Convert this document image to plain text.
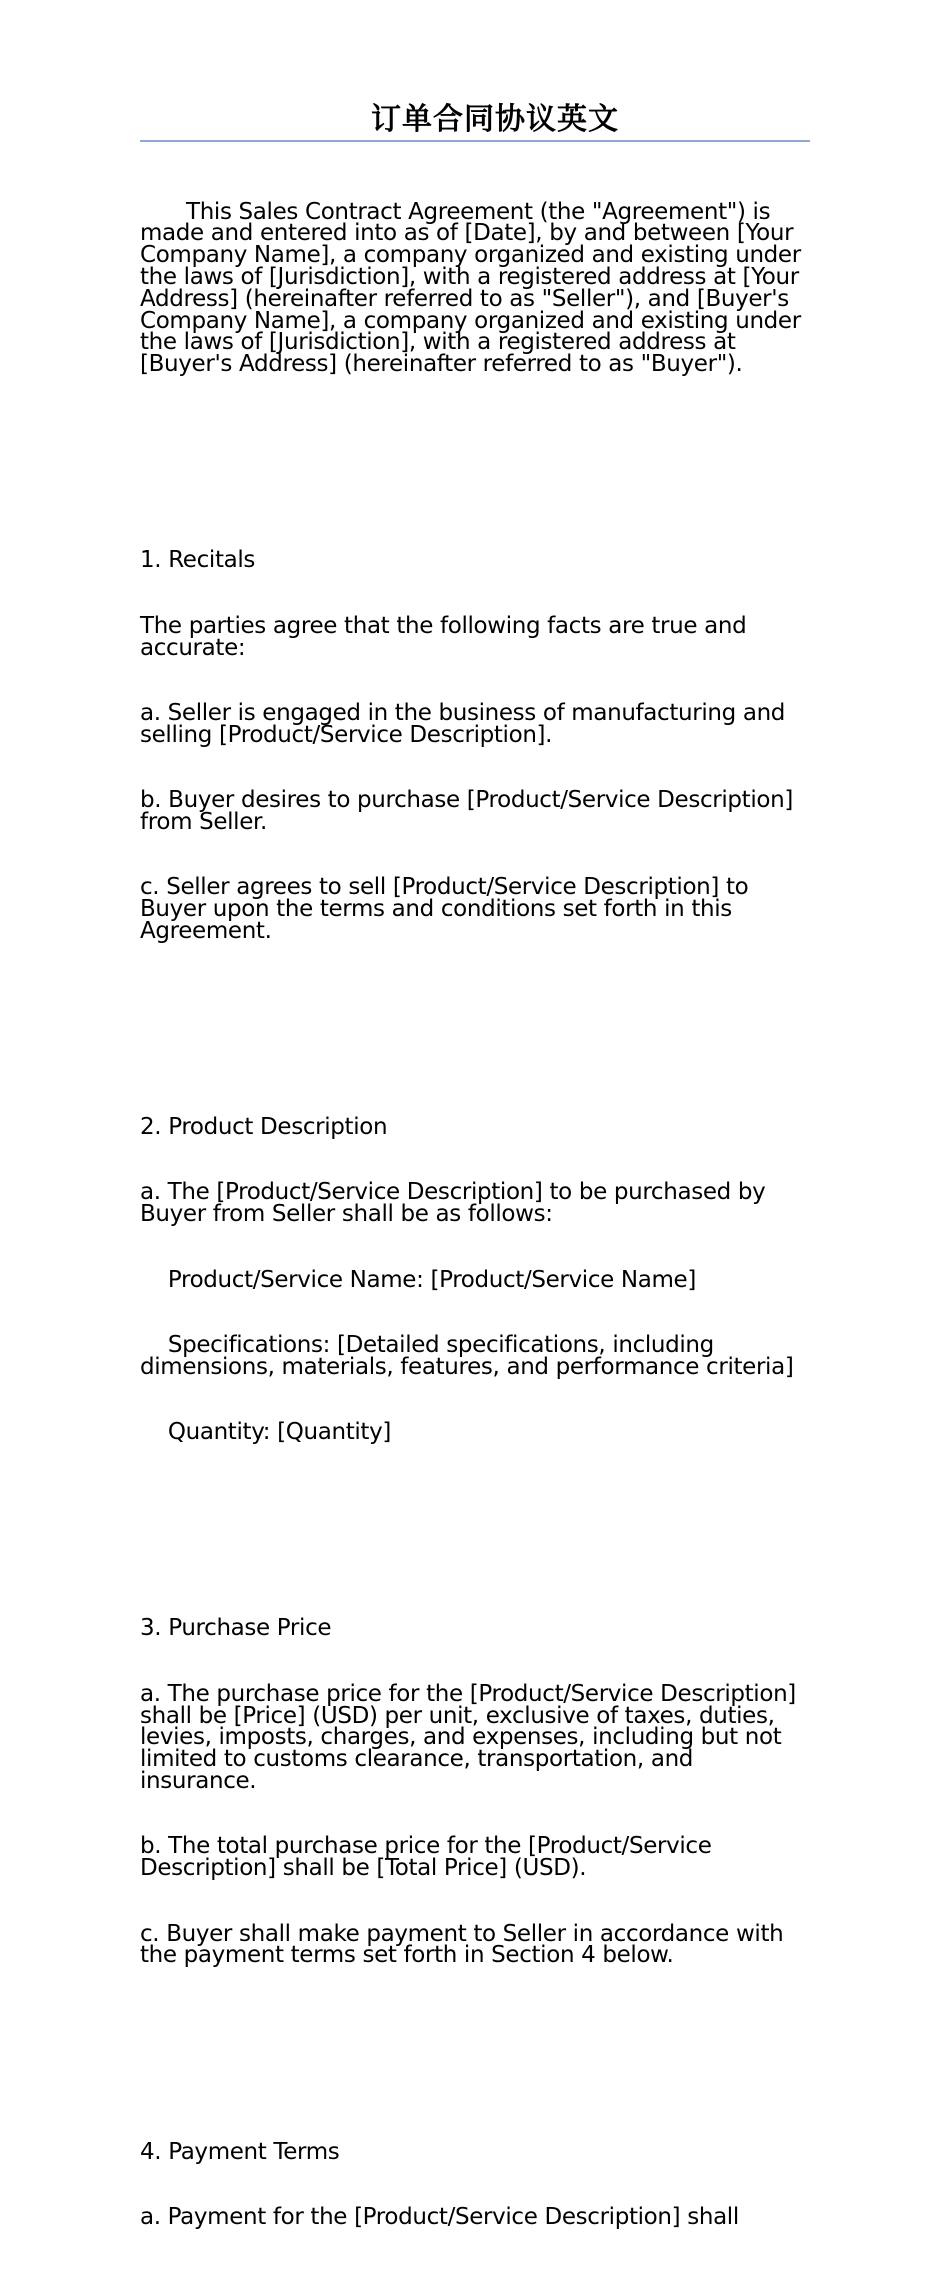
订单合同协议英文

This Sales Contract Agreement (the "Agreement") is made and entered into as of [Date], by and between [Your Company Name], a company organized and existing under the laws of [Jurisdiction], with a registered address at [Your Address] (hereinafter referred to as "Seller"), and [Buyer's Company Name], a company organized and existing under the laws of [Jurisdiction], with a registered address at [Buyer's Address] (hereinafter referred to as "Buyer").

1. Recitals

The parties agree that the following facts are true and accurate:

a. Seller is engaged in the business of manufacturing and selling [Product/Service Description].

b. Buyer desires to purchase [Product/Service Description] from Seller.

c. Seller agrees to sell [Product/Service Description] to Buyer upon the terms and conditions set forth in this Agreement.

2. Product Description

a. The [Product/Service Description] to be purchased by Buyer from Seller shall be as follows:

Product/Service Name: [Product/Service Name]

Specifications: [Detailed specifications, including dimensions, materials, features, and performance criteria]

Quantity: [Quantity]

3. Purchase Price

a. The purchase price for the [Product/Service Description] shall be [Price] (USD) per unit, exclusive of taxes, duties, levies, imposts, charges, and expenses, including but not limited to customs clearance, transportation, and insurance.

b. The total purchase price for the [Product/Service Description] shall be [Total Price] (USD).

c. Buyer shall make payment to Seller in accordance with the payment terms set forth in Section 4 below.

4. Payment Terms

a. Payment for the [Product/Service Description] shall
